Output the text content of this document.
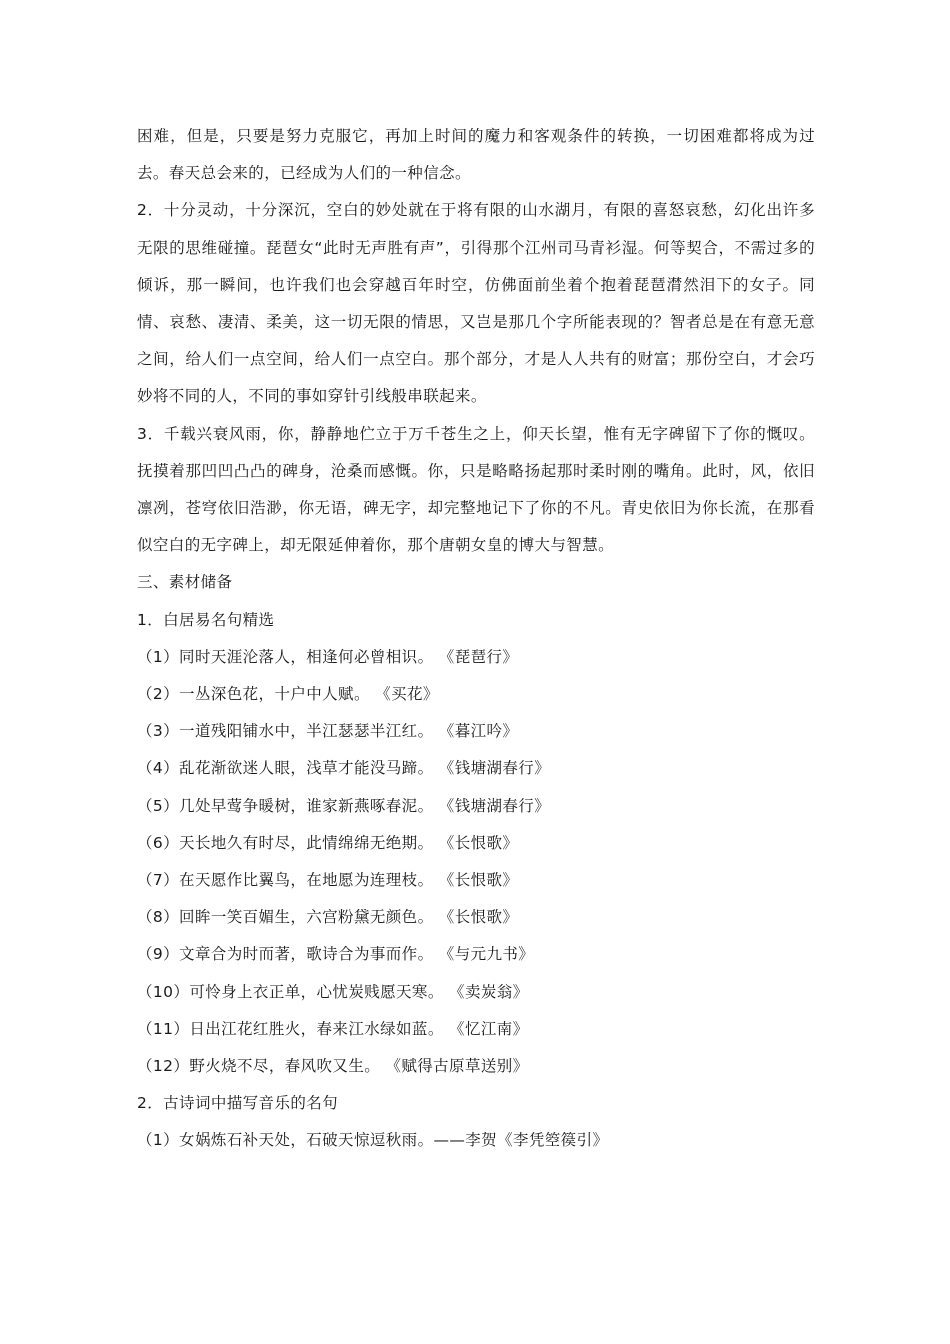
困难，但是，只要是努力克服它，再加上时间的魔力和客观条件的转换，一切困难都将成为过去。春天总会来的，已经成为人们的一种信念。

2．十分灵动，十分深沉，空白的妙处就在于将有限的山水湖月，有限的喜怒哀愁，幻化出许多无限的思维碰撞。琵琶女“此时无声胜有声”，引得那个江州司马青衫湿。何等契合，不需过多的倾诉，那一瞬间，也许我们也会穿越百年时空，仿佛面前坐着个抱着琵琶潸然泪下的女子。同情、哀愁、凄清、柔美，这一切无限的情思，又岂是那几个字所能表现的？智者总是在有意无意之间，给人们一点空间，给人们一点空白。那个部分，才是人人共有的财富；那份空白，才会巧妙将不同的人，不同的事如穿针引线般串联起来。

3．千载兴衰风雨，你，静静地伫立于万千苍生之上，仰天长望，惟有无字碑留下了你的慨叹。抚摸着那凹凹凸凸的碑身，沧桑而感慨。你，只是略略扬起那时柔时刚的嘴角。此时，风，依旧凛冽，苍穹依旧浩渺，你无语，碑无字，却完整地记下了你的不凡。青史依旧为你长流，在那看似空白的无字碑上，却无限延伸着你，那个唐朝女皇的博大与智慧。

三、素材储备

1．白居易名句精选

（1）同时天涯沦落人，相逢何必曾相识。 《琵琶行》

（2）一丛深色花，十户中人赋。 《买花》

（3）一道残阳铺水中，半江瑟瑟半江红。 《暮江吟》

（4）乱花渐欲迷人眼，浅草才能没马蹄。 《钱塘湖春行》

（5）几处早莺争暖树，谁家新燕啄春泥。 《钱塘湖春行》

（6）天长地久有时尽，此情绵绵无绝期。 《长恨歌》

（7）在天愿作比翼鸟，在地愿为连理枝。 《长恨歌》

（8）回眸一笑百媚生，六宫粉黛无颜色。 《长恨歌》

（9）文章合为时而著，歌诗合为事而作。 《与元九书》

（10）可怜身上衣正单，心忧炭贱愿天寒。 《卖炭翁》

（11）日出江花红胜火，春来江水绿如蓝。 《忆江南》

（12）野火烧不尽，春风吹又生。 《赋得古原草送别》

2．古诗词中描写音乐的名句

（1）女娲炼石补天处，石破天惊逗秋雨。——李贺《李凭箜篌引》
